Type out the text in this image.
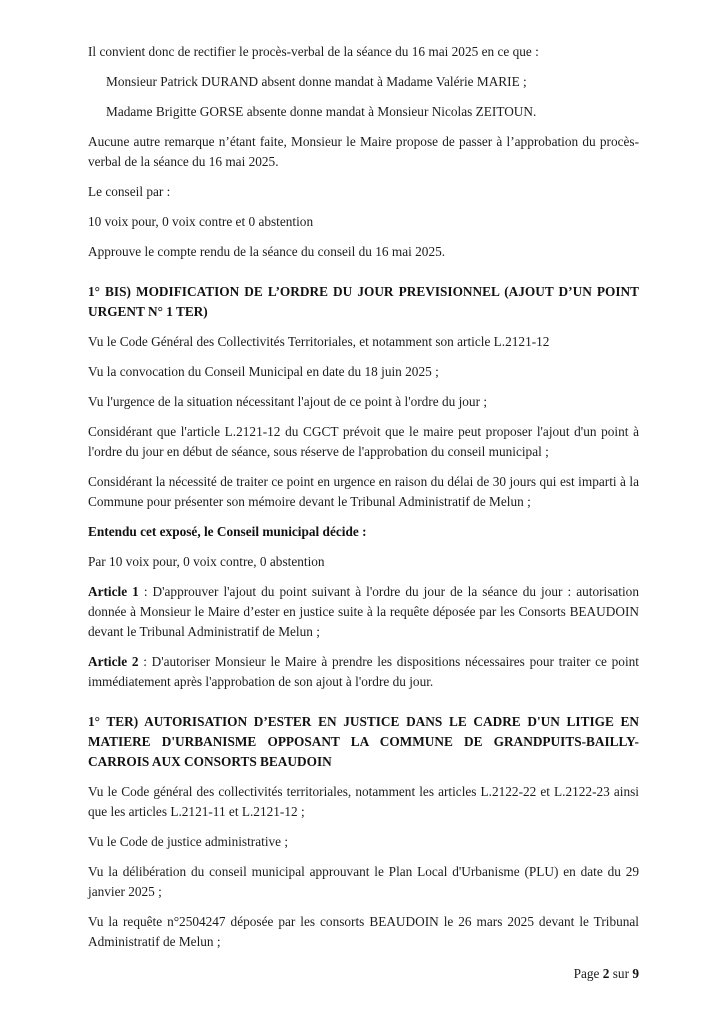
Il convient donc de rectifier le procès-verbal de la séance du 16 mai 2025 en ce que :

Monsieur Patrick DURAND absent donne mandat à Madame Valérie MARIE ;

Madame Brigitte GORSE absente donne mandat à Monsieur Nicolas ZEITOUN.

Aucune autre remarque n’étant faite, Monsieur le Maire propose de passer à l’approbation du procès-verbal de la séance du 16 mai 2025.

Le conseil par :

10 voix pour, 0 voix contre et 0 abstention

Approuve le compte rendu de la séance du conseil du 16 mai 2025.

1° BIS) MODIFICATION DE L’ORDRE DU JOUR PREVISIONNEL (AJOUT D’UN POINT URGENT N° 1 TER)

Vu le Code Général des Collectivités Territoriales, et notamment son article L.2121-12

Vu la convocation du Conseil Municipal en date du 18 juin 2025 ;

Vu l'urgence de la situation nécessitant l'ajout de ce point à l'ordre du jour ;

Considérant que l'article L.2121-12 du CGCT prévoit que le maire peut proposer l'ajout d'un point à l'ordre du jour en début de séance, sous réserve de l'approbation du conseil municipal ;

Considérant la nécessité de traiter ce point en urgence en raison du délai de 30 jours qui est imparti à la Commune pour présenter son mémoire devant le Tribunal Administratif de Melun ;

Entendu cet exposé, le Conseil municipal décide :

Par 10 voix pour, 0 voix contre, 0 abstention

Article 1 : D'approuver l'ajout du point suivant à l'ordre du jour de la séance du jour : autorisation donnée à Monsieur le Maire d’ester en justice suite à la requête déposée par les Consorts BEAUDOIN devant le Tribunal Administratif de Melun ;

Article 2 : D'autoriser Monsieur le Maire à prendre les dispositions nécessaires pour traiter ce point immédiatement après l'approbation de son ajout à l'ordre du jour.

1° TER) AUTORISATION D’ESTER EN JUSTICE DANS LE CADRE D'UN LITIGE EN MATIERE D'URBANISME OPPOSANT LA COMMUNE DE GRANDPUITS-BAILLY-CARROIS AUX CONSORTS BEAUDOIN

Vu le Code général des collectivités territoriales, notamment les articles L.2122-22 et L.2122-23 ainsi que les articles L.2121-11 et L.2121-12 ;

Vu le Code de justice administrative ;

Vu la délibération du conseil municipal approuvant le Plan Local d'Urbanisme (PLU) en date du 29 janvier 2025 ;

Vu la requête n°2504247 déposée par les consorts BEAUDOIN le 26 mars 2025 devant le Tribunal Administratif de Melun ;

Page 2 sur 9
